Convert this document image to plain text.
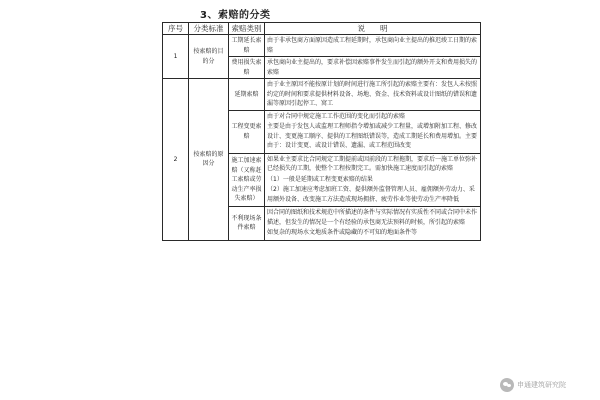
3、索赔的分类
序号	分类标准	索赔类别	说　　明
1	按索赔的目的分	工期延长索赔	由于非承包商方面原因造成工程延期时，承包商向业主提出的推迟竣工日期的索赔
		费用损失索赔	承包商向业主提出的，要求补偿因索赔事件发生而引起的额外开支和费用损失的索赔
2	按索赔的原因分	延期索赔	由于业主原因不能按原计划的时间进行施工所引起的索赔主要有：发包人未按照约定的时间和要求提供材料设备、场地、资金、技术资料或设计图纸的错误和遗漏等原因引起停工、窝工
		工程变更索赔	由于对合同中规定施工工作范围的变化而引起的索赔

主要是由于发包人或监理工程师指令增加或减少工程量，或增加附加工程、修改设计、变更施工顺序、提供的工程图纸错误等，造成工期延长和费用增加。主要由于：设计变更、或设计错误、遗漏、或工程范围改变

		施工加速索赔（又称赶工索赔或劳动生产率损失索赔）	如果业主要求比合同规定工期提前或因前段的工程拖期，要求后一施工单位弥补已经损失的工期，使整个工程按期完工。需加快施工速度而引起的索赔

（1）一般是延期或工程变更索赔的结果

（2）施工加速应考虑加班工资、提供额外监督管理人员、雇佣额外劳动力、采用额外设备、改变施工方法造成现场拥挤、疲劳作业等使劳动生产率降低

		不利现场条件索赔	因合同的图纸和技术规范中所描述的条件与实际情况有实质性不同或合同中未作描述，但发生的情况是一个有经验的承包商无法预料的时候，所引起的索赔

如复杂的现场水文地质条件或隐藏的不可知的地面条件等

申通建筑研究院
